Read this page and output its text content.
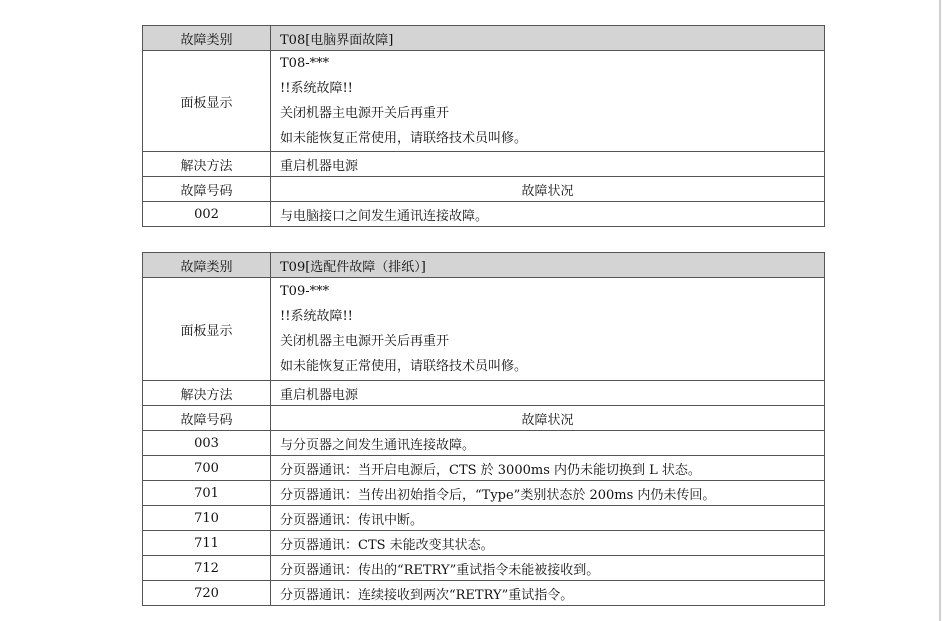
故障类别	T08[电脑界面故障]
面板显示	T08-***
!!系统故障!!
关闭机器主电源开关后再重开
如未能恢复正常使用，请联络技术员叫修。

解决方法	重启机器电源
故障号码	故障状况
002	与电脑接口之间发生通讯连接故障。
故障类别	T09[选配件故障（排纸）]
面板显示	T09-***
!!系统故障!!
关闭机器主电源开关后再重开
如未能恢复正常使用，请联络技术员叫修。

解决方法	重启机器电源
故障号码	故障状况
003	与分页器之间发生通讯连接故障。
700	分页器通讯：当开启电源后，CTS 於 3000ms 内仍未能切换到 L 状态。
701	分页器通讯：当传出初始指令后，“Type”类别状态於 200ms 内仍未传回。
710	分页器通讯：传讯中断。
711	分页器通讯：CTS 未能改变其状态。
712	分页器通讯：传出的“RETRY”重试指令未能被接收到。
720	分页器通讯：连续接收到两次“RETRY”重试指令。
